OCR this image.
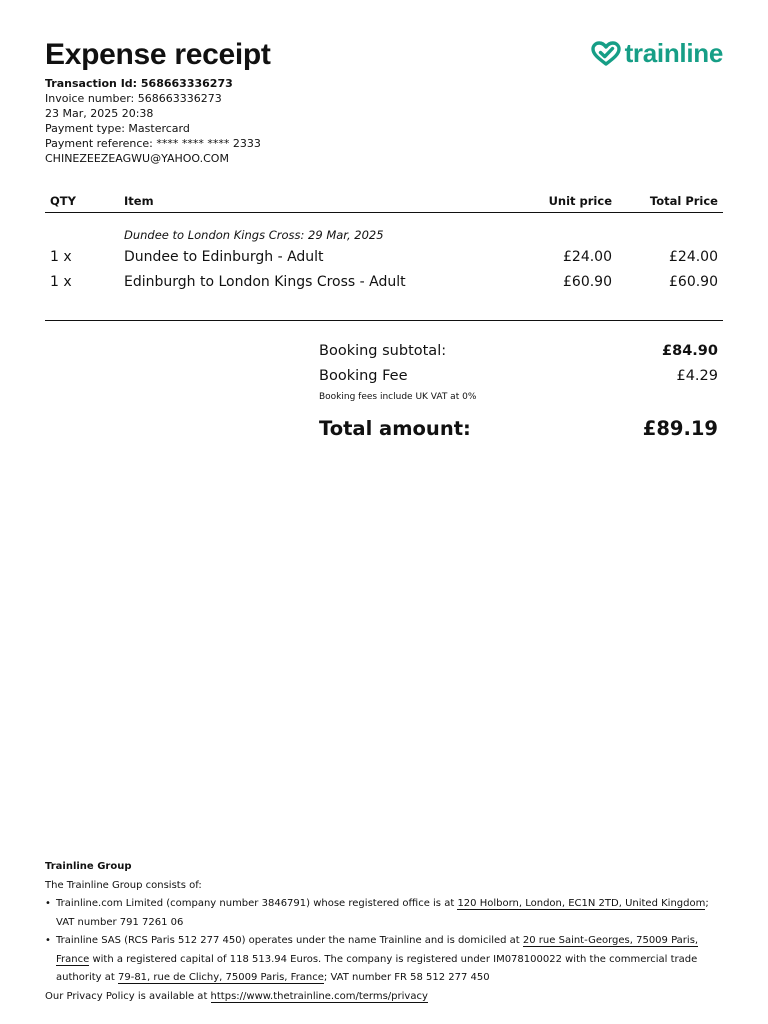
Expense receipt	trainline
Transaction Id: 568663336273
Invoice number: 568663336273
23 Mar, 2025 20:38
Payment type: Mastercard
Payment reference: **** **** **** 2333
CHINEZEEZEAGWU@YAHOO.COM
QTY	Item	Unit price	Total Price
Dundee to London Kings Cross: 29 Mar, 2025
1 x	Dundee to Edinburgh - Adult	£24.00	£24.00
1 x	Edinburgh to London Kings Cross - Adult	£60.90	£60.90
Booking subtotal:	£84.90
Booking Fee	£4.29
Booking fees include UK VAT at 0%
Total amount:	£89.19
Trainline Group
The Trainline Group consists of:
• Trainline.com Limited (company number 3846791) whose registered office is at 120 Holborn, London, EC1N 2TD, United Kingdom; VAT number 791 7261 06
• Trainline SAS (RCS Paris 512 277 450) operates under the name Trainline and is domiciled at 20 rue Saint-Georges, 75009 Paris, France with a registered capital of 118 513.94 Euros. The company is registered under IM078100022 with the commercial trade authority at 79-81, rue de Clichy, 75009 Paris, France; VAT number FR 58 512 277 450
Our Privacy Policy is available at https://www.thetrainline.com/terms/privacy
